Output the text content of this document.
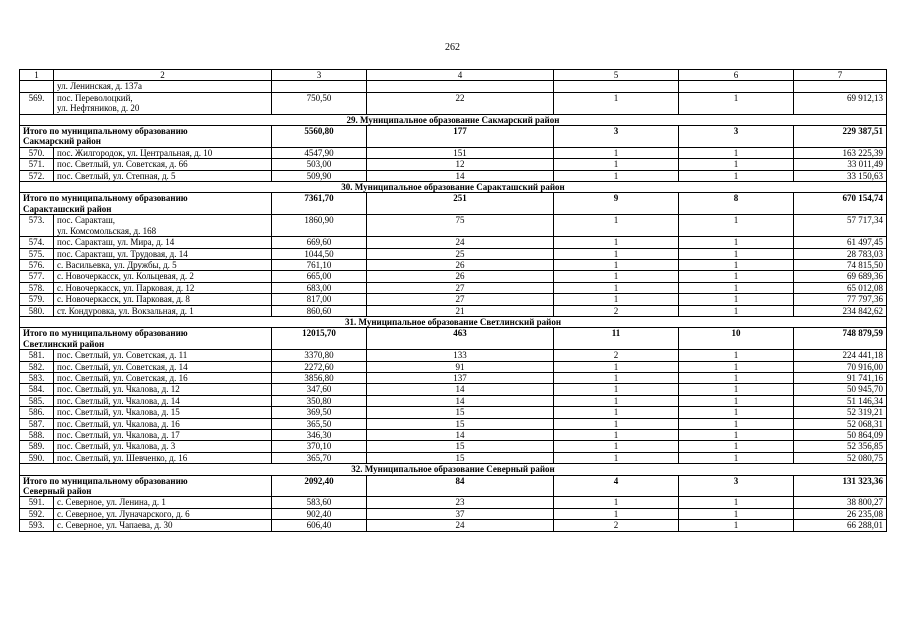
262
1	2	3	4	5	6	7
	ул. Ленинская, д. 137а					
569.	пос. Переволоцкий,
ул. Нефтяников, д. 20	750,50	22	1	1	69 912,13
29. Муниципальное образование Сакмарский район						
Итого по муниципальному образованию
Сакмарский район		5560,80	177	3	3	229 387,51
570.	пос. Жилгородок, ул. Центральная, д. 10	4547,90	151	1	1	163 225,39
571.	пос. Светлый, ул. Советская, д. 66	503,00	12	1	1	33 011,49
572.	пос. Светлый, ул. Степная, д. 5	509,90	14	1	1	33 150,63
30. Муниципальное образование Саракташский район						
Итого по муниципальному образованию
Саракташский район		7361,70	251	9	8	670 154,74
573.	пос. Саракташ,
ул. Комсомольская, д. 168	1860,90	75	1	1	57 717,34
574.	пос. Саракташ, ул. Мира, д. 14	669,60	24	1	1	61 497,45
575.	пос. Саракташ, ул. Трудовая, д. 14	1044,50	25	1	1	28 783,03
576.	с. Васильевка, ул. Дружбы, д. 5	761,10	26	1	1	74 815,50
577.	с. Новочеркасск, ул. Кольцевая, д. 2	665,00	26	1	1	69 689,36
578.	с. Новочеркасск, ул. Парковая, д. 12	683,00	27	1	1	65 012,08
579.	с. Новочеркасск, ул. Парковая, д. 8	817,00	27	1	1	77 797,36
580.	ст. Кондуровка, ул. Вокзальная, д. 1	860,60	21	2	1	234 842,62
31. Муниципальное образование Светлинский район						
Итого по муниципальному образованию
Светлинский район		12015,70	463	11	10	748 879,59
581.	пос. Светлый, ул. Советская, д. 11	3370,80	133	2	1	224 441,18
582.	пос. Светлый, ул. Советская, д. 14	2272,60	91	1	1	70 916,00
583.	пос. Светлый, ул. Советская, д. 16	3856,80	137	1	1	91 741,16
584.	пос. Светлый, ул. Чкалова, д. 12	347,60	14	1	1	50 945,70
585.	пос. Светлый, ул. Чкалова, д. 14	350,80	14	1	1	51 146,34
586.	пос. Светлый, ул. Чкалова, д. 15	369,50	15	1	1	52 319,21
587.	пос. Светлый, ул. Чкалова, д. 16	365,50	15	1	1	52 068,31
588.	пос. Светлый, ул. Чкалова, д. 17	346,30	14	1	1	50 864,09
589.	пос. Светлый, ул. Чкалова, д. 3	370,10	15	1	1	52 356,85
590.	пос. Светлый, ул. Шевченко, д. 16	365,70	15	1	1	52 080,75
32. Муниципальное образование Северный район						
Итого по муниципальному образованию
Северный район		2092,40	84	4	3	131 323,36
591.	с. Северное, ул. Ленина, д. 1	583,60	23	1	1	38 800,27
592.	с. Северное, ул. Луначарского, д. 6	902,40	37	1	1	26 235,08
593.	с. Северное, ул. Чапаева, д. 30	606,40	24	2	1	66 288,01
